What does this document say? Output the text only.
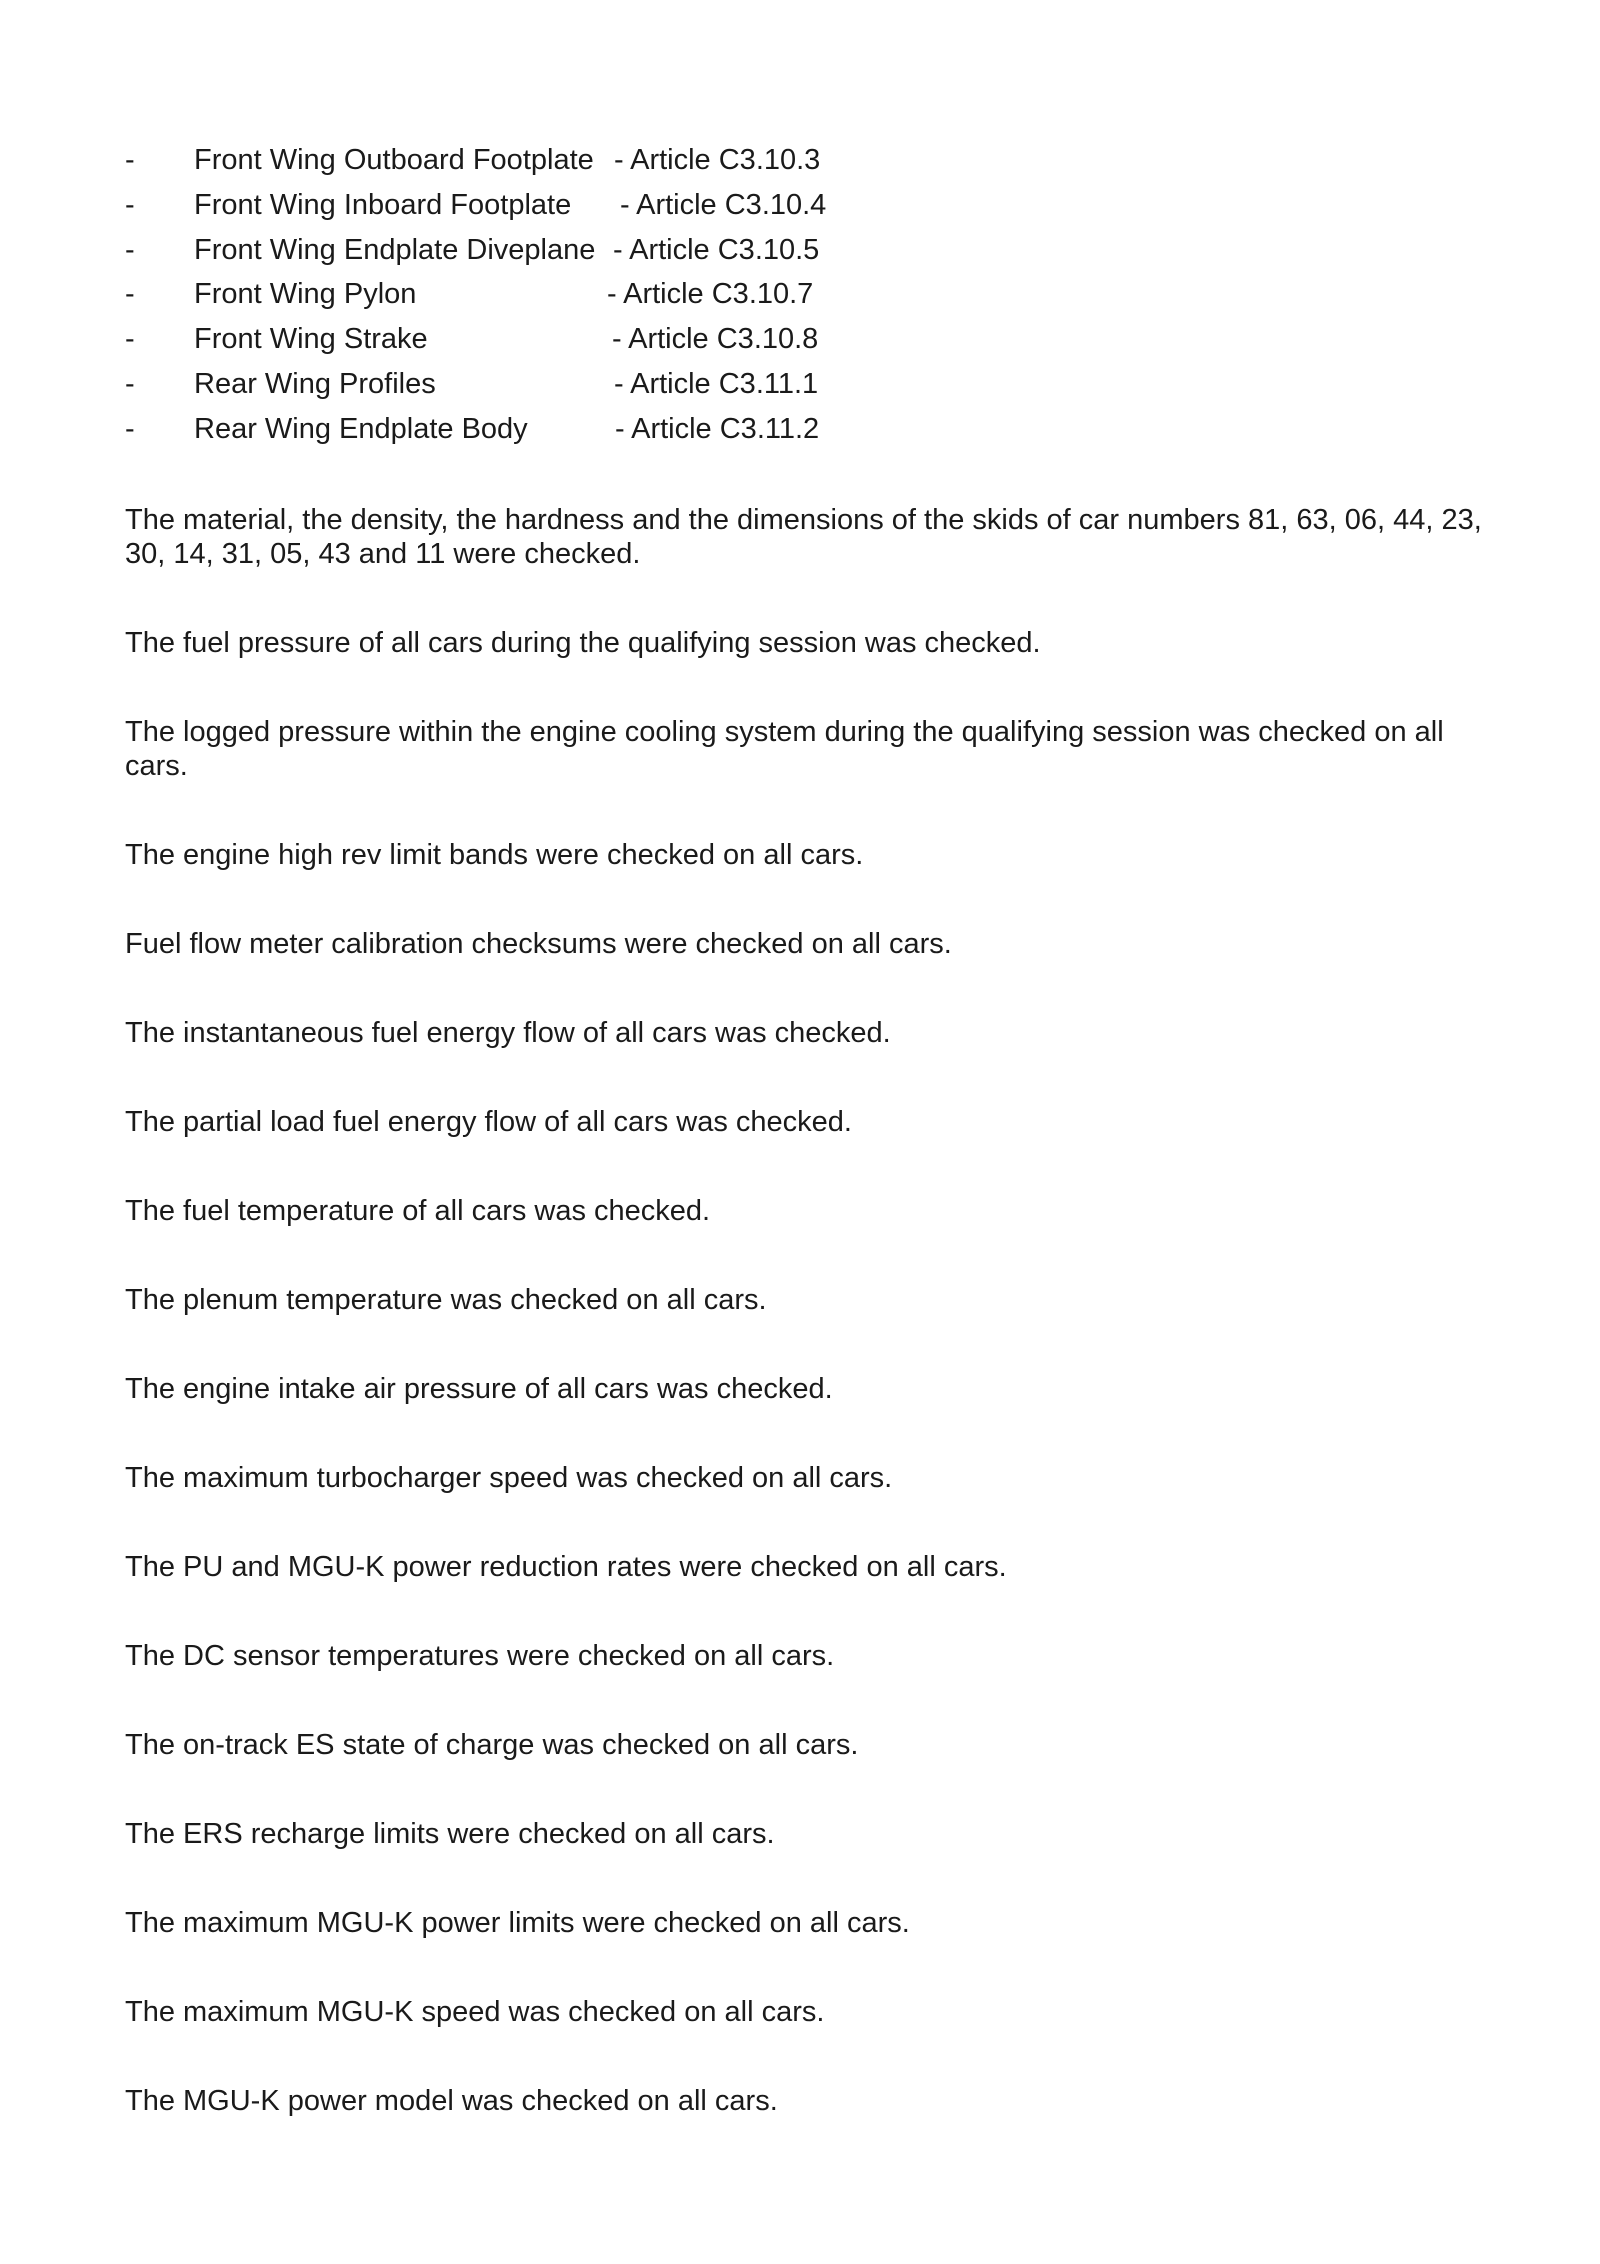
- Front Wing Outboard Footplate - Article C3.10.3
- Front Wing Inboard Footplate - Article C3.10.4
- Front Wing Endplate Diveplane - Article C3.10.5
- Front Wing Pylon	- Article C3.10.7
- Front Wing Strake	- Article C3.10.8
- Rear Wing Profiles	- Article C3.11.1
- Rear Wing Endplate Body	- Article C3.11.2

The material, the density, the hardness and the dimensions of the skids of car numbers 81, 63, 06, 44, 23, 30, 14, 31, 05, 43 and 11 were checked.

The fuel pressure of all cars during the qualifying session was checked.

The logged pressure within the engine cooling system during the qualifying session was checked on all cars.

The engine high rev limit bands were checked on all cars.

Fuel flow meter calibration checksums were checked on all cars.

The instantaneous fuel energy flow of all cars was checked.

The partial load fuel energy flow of all cars was checked.

The fuel temperature of all cars was checked.

The plenum temperature was checked on all cars.

The engine intake air pressure of all cars was checked.

The maximum turbocharger speed was checked on all cars.

The PU and MGU-K power reduction rates were checked on all cars.

The DC sensor temperatures were checked on all cars.

The on-track ES state of charge was checked on all cars.

The ERS recharge limits were checked on all cars.

The maximum MGU-K power limits were checked on all cars.

The maximum MGU-K speed was checked on all cars.

The MGU-K power model was checked on all cars.
